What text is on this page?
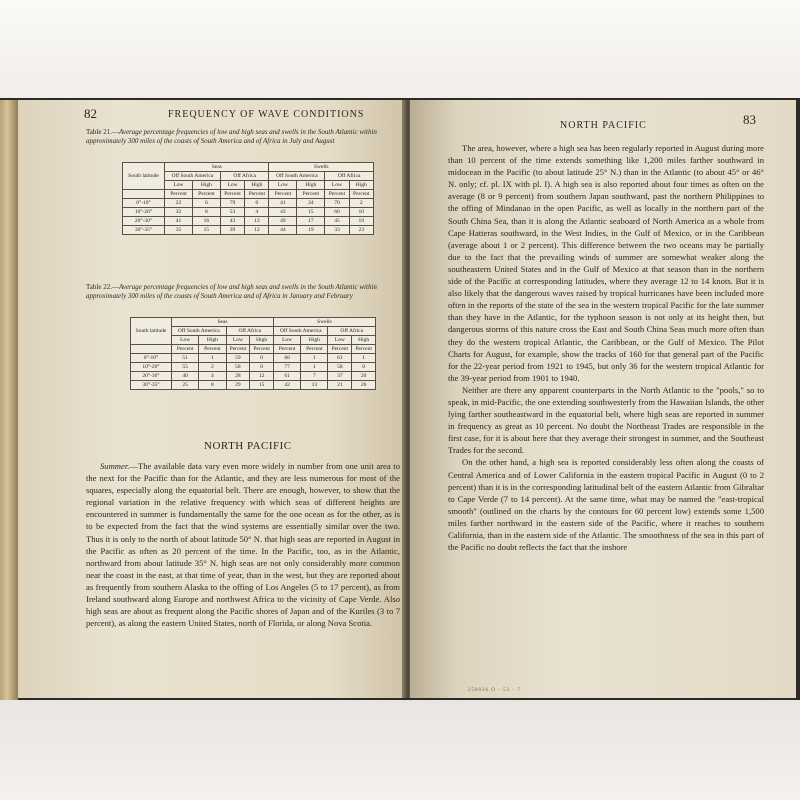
82	FREQUENCY OF WAVE CONDITIONS
Table 21.—Average percentage frequencies of low and high seas and swells in the South Atlantic within approximately 300 miles of the coasts of South America and of Africa in July and August
South latitude	Seas				Swells			
	Off South America		Off Africa		Off South America		Off Africa	
	Low	High	Low	High	Low	High	Low	High
	Percent	Percent	Percent	Percent	Percent	Percent	Percent	Percent
0°-10°	22	6	79	0	41	24	70	2
10°-20°	32	8	53	4	43	15	60	10
20°-30°	41	16	43	13	49	17	45	19
30°-35°	35	15	39	12	44	19	33	23
Table 22.—Average percentage frequencies of low and high seas and swells in the South Atlantic within approximately 300 miles of the coasts of South America and of Africa in January and February
South latitude	Seas				Swells			
	Off South America		Off Africa		Off South America		Off Africa	
	Low	High	Low	High	Low	High	Low	High
	Percent	Percent	Percent	Percent	Percent	Percent	Percent	Percent
0°-10°	51	1	59	0	66	1	61	1
10°-20°	55	2	58	0	77	1	58	0
20°-30°	40	4	28	12	61	7	37	20
30°-35°	25	8	29	15	42	13	21	26
NORTH PACIFIC

Summer.—The available data vary even more widely in number from one unit area to the next for the Pacific than for the Atlantic, and they are less numerous for most of the squares, especially along the equatorial belt. There are enough, however, to show that the regional variation in the relative frequency with which seas of different heights are encountered in summer is fundamentally the same for the one ocean as for the other, as is to be expected from the fact that the wind systems are essentially similar over the two. Thus it is only to the north of about latitude 50° N. that high seas are reported in August in the Pacific as often as 20 percent of the time. In the Pacific, too, as in the Atlantic, northward from about latitude 35° N. high seas are not only considerably more common near the coast in the east, at that time of year, than in the west, but they are reported about as frequently from southern Alaska to the offing of Los Angeles (5 to 17 percent), as from Ireland southward along Europe and northwest Africa to the vicinity of Cape Verde. Also high seas are about as frequent along the Pacific shores of Japan and of the Kuriles (3 to 7 percent), as along the eastern United States, north of Florida, or along Nova Scotia.

NORTH PACIFIC	83

The area, however, where a high sea has been regularly reported in August during more than 10 percent of the time extends something like 1,200 miles farther southward in midocean in the Pacific (to about latitude 25° N.) than in the Atlantic (to about 45° or 46° N. only; cf. pl. IX with pl. I). A high sea is also reported about four times as often on the average (8 or 9 percent) from southern Japan southward, past the northern Philippines to the offing of Mindanao in the open Pacific, as well as locally in the northern part of the South China Sea, than it is along the Atlantic seaboard of North America as a whole from Cape Hatteras southward, in the West Indies, in the Gulf of Mexico, or in the Caribbean (average about 1 or 2 percent). This difference between the two oceans may be partially due to the fact that the prevailing winds of summer are somewhat weaker along the southeastern United States and in the Gulf of Mexico at that season than in the northern side of the Pacific at corresponding latitudes, where they average 12 to 14 knots. But it is also likely that the dangerous waves raised by tropical hurricanes have been included more often in the reports of the state of the sea in the western tropical Pacific for the late summer than they have in the Atlantic, for the typhoon season is not only at its height then, but dangerous storms of this nature cross the East and South China Seas much more often than they do the western tropical Atlantic, the Caribbean, or the Gulf of Mexico. The Pilot Charts for August, for example, show the tracks of 160 for that general part of the Pacific for the 22-year period from 1921 to 1945, but only 36 for the western tropical Atlantic for the 39-year period from 1901 to 1940.

Neither are there any apparent counterparts in the North Atlantic to the "pools," so to speak, in mid-Pacific, the one extending southwesterly from the Hawaiian Islands, the other lying farther southeastward in the equatorial belt, where high seas are reported in summer in frequency as great as 10 percent. No doubt the Northeast Trades are responsible in the first case, for it is about here that they average their strongest in summer, and the Southeast Trades for the second.

On the other hand, a high sea is reported considerably less often along the coasts of Central America and of Lower California in the eastern tropical Pacific in August (0 to 2 percent) than it is in the corresponding latitudinal belt of the eastern Atlantic from Gibraltar to Cape Verde (7 to 14 percent). At the same time, what may be named the "east-tropical smooth" (outlined on the charts by the contours for 60 percent low) extends some 1,500 miles farther northward in the eastern side of the Pacific, where it reaches to southern California, than in the eastern side of the Atlantic. The smoothness of the sea in this part of the Pacific no doubt reflects the fact that the inshore

258036 O - 53 - 7
